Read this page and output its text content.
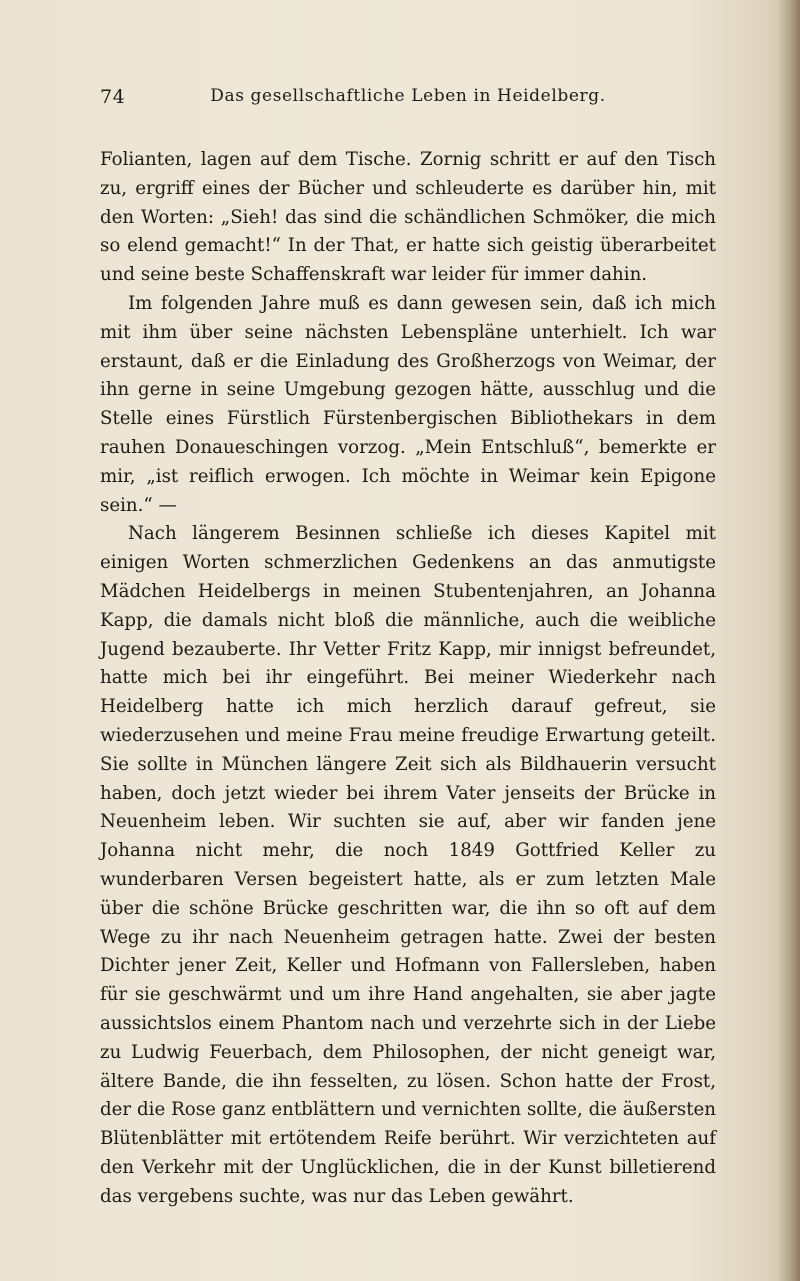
74	Das gesellschaftliche Leben in Heidelberg.

Folianten, lagen auf dem Tische. Zornig schritt er auf den Tisch zu, ergriff eines der Bücher und schleuderte es darüber hin, mit den Worten: „Sieh! das sind die schändlichen Schmöker, die mich so elend gemacht!“ In der That, er hatte sich geistig überarbeitet und seine beste Schaffenskraft war leider für immer dahin.

Im folgenden Jahre muß es dann gewesen sein, daß ich mich mit ihm über seine nächsten Lebenspläne unterhielt. Ich war erstaunt, daß er die Einladung des Großherzogs von Weimar, der ihn gerne in seine Umgebung gezogen hätte, ausschlug und die Stelle eines Fürstlich Fürstenbergischen Bibliothekars in dem rauhen Donaueschingen vorzog. „Mein Entschluß“, bemerkte er mir, „ist reiflich erwogen. Ich möchte in Weimar kein Epigone sein.“ —

Nach längerem Besinnen schließe ich dieses Kapitel mit einigen Worten schmerzlichen Gedenkens an das anmutigste Mädchen Heidelbergs in meinen Stubentenjahren, an Johanna Kapp, die damals nicht bloß die männliche, auch die weibliche Jugend bezauberte. Ihr Vetter Fritz Kapp, mir innigst befreundet, hatte mich bei ihr eingeführt. Bei meiner Wiederkehr nach Heidelberg hatte ich mich herzlich darauf gefreut, sie wiederzusehen und meine Frau meine freudige Erwartung geteilt. Sie sollte in München längere Zeit sich als Bildhauerin versucht haben, doch jetzt wieder bei ihrem Vater jenseits der Brücke in Neuenheim leben. Wir suchten sie auf, aber wir fanden jene Johanna nicht mehr, die noch 1849 Gottfried Keller zu wunderbaren Versen begeistert hatte, als er zum letzten Male über die schöne Brücke geschritten war, die ihn so oft auf dem Wege zu ihr nach Neuenheim getragen hatte. Zwei der besten Dichter jener Zeit, Keller und Hofmann von Fallersleben, haben für sie geschwärmt und um ihre Hand angehalten, sie aber jagte aussichtslos einem Phantom nach und verzehrte sich in der Liebe zu Ludwig Feuerbach, dem Philosophen, der nicht geneigt war, ältere Bande, die ihn fesselten, zu lösen. Schon hatte der Frost, der die Rose ganz entblättern und vernichten sollte, die äußersten Blütenblätter mit ertötendem Reife berührt. Wir verzichteten auf den Verkehr mit der Unglücklichen, die in der Kunst billetierend das vergebens suchte, was nur das Leben gewährt.
